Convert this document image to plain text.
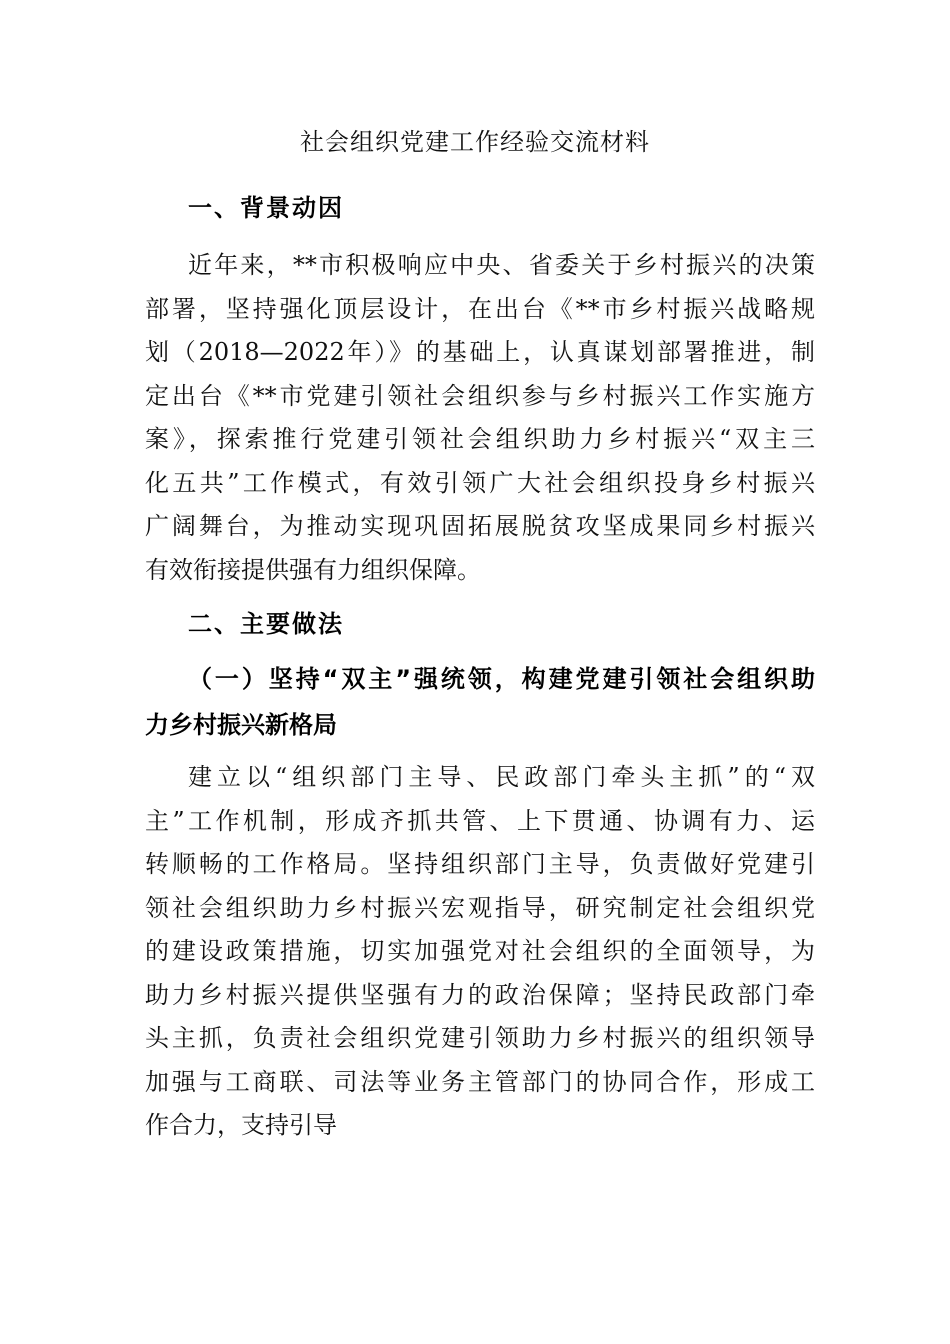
社会组织党建工作经验交流材料
一、背景动因
近年来，**市积极响应中央、省委关于乡村振兴的决策
部署，坚持强化顶层设计，在出台《**市乡村振兴战略规
划（2018—2022年）》的基础上，认真谋划部署推进，制
定出台《**市党建引领社会组织参与乡村振兴工作实施方
案》，探索推行党建引领社会组织助力乡村振兴“双主三
化五共”工作模式，有效引领广大社会组织投身乡村振兴
广阔舞台，为推动实现巩固拓展脱贫攻坚成果同乡村振兴
有效衔接提供强有力组织保障。
二、主要做法
（一）坚持“双主”强统领，构建党建引领社会组织助
力乡村振兴新格局
建立以“组织部门主导、民政部门牵头主抓”的“双
主”工作机制，形成齐抓共管、上下贯通、协调有力、运
转顺畅的工作格局。坚持组织部门主导，负责做好党建引
领社会组织助力乡村振兴宏观指导，研究制定社会组织党
的建设政策措施，切实加强党对社会组织的全面领导，为
助力乡村振兴提供坚强有力的政治保障；坚持民政部门牵
头主抓，负责社会组织党建引领助力乡村振兴的组织领导
加强与工商联、司法等业务主管部门的协同合作，形成工
作合力，支持引导
